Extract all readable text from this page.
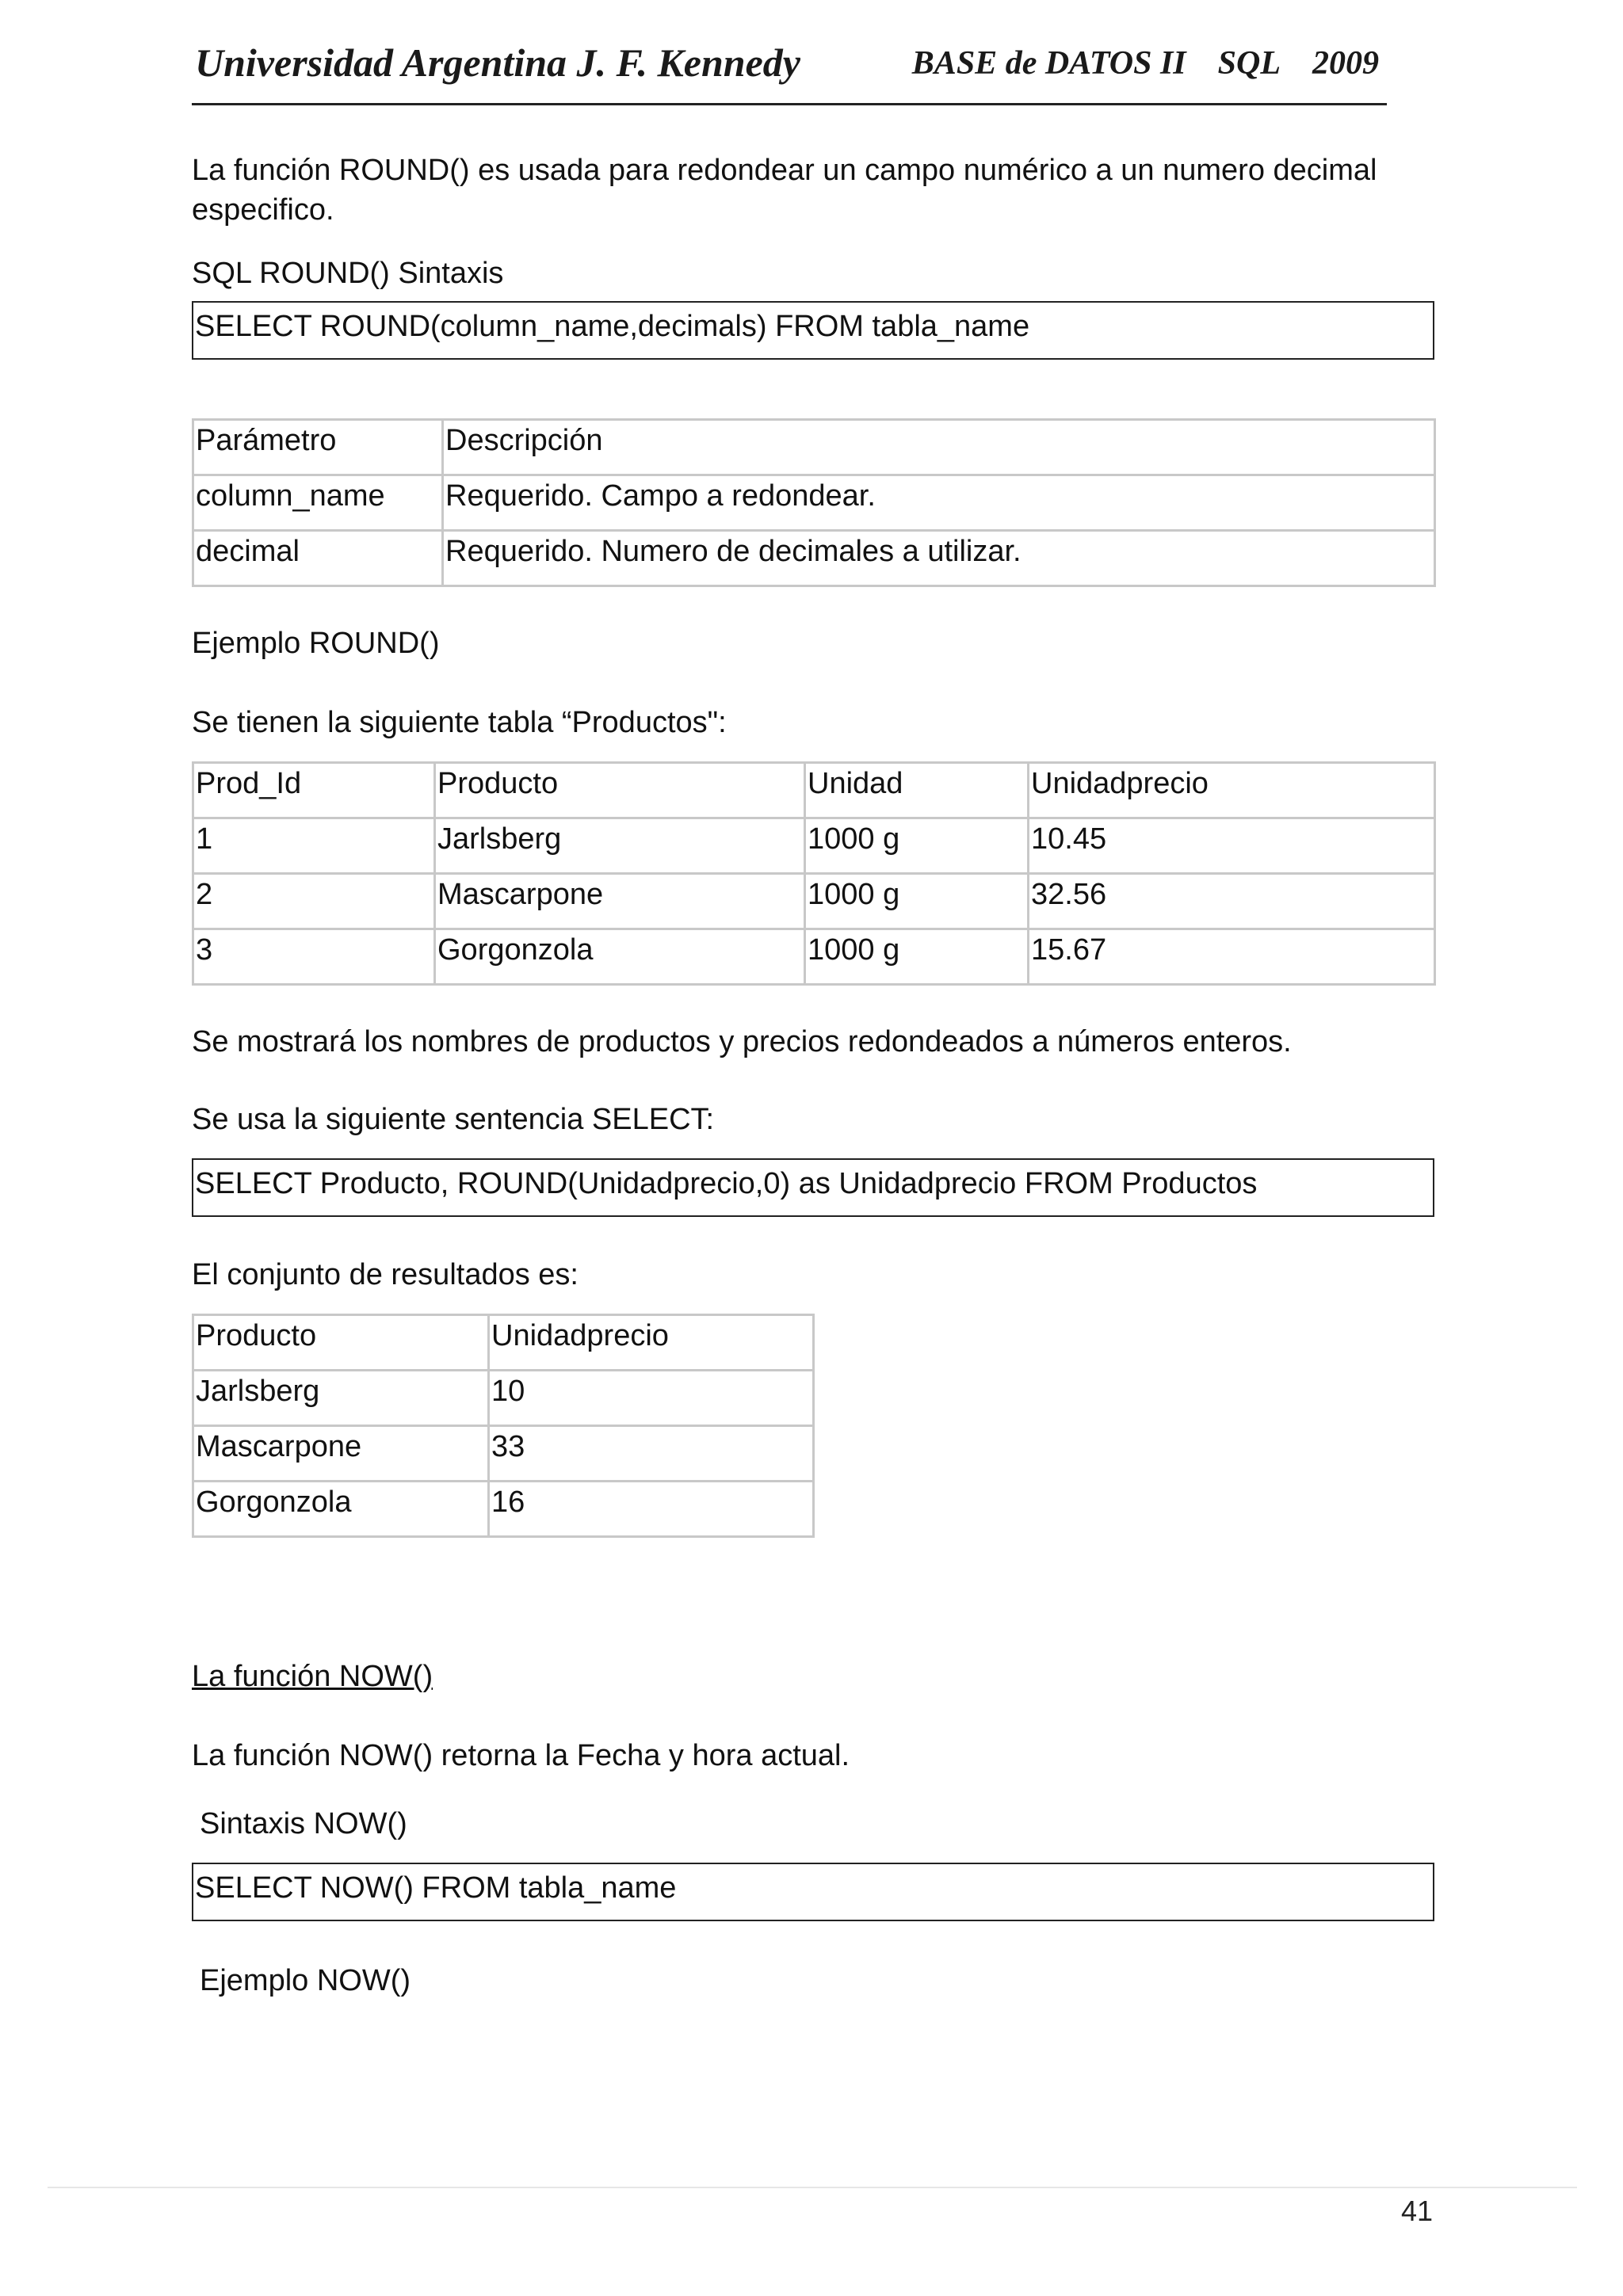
Universidad Argentina J. F. Kennedy	BASE de DATOS II SQL 2009

La función ROUND() es usada para redondear un campo numérico a un numero decimal especifico.

SQL ROUND() Sintaxis

SELECT ROUND(column_name,decimals) FROM tabla_name
Parámetro	Descripción
column_name	Requerido. Campo a redondear.
decimal	Requerido. Numero de decimales a utilizar.

Ejemplo ROUND()

Se tienen la siguiente tabla “Productos":

Prod_Id	Producto	Unidad	Unidadprecio
1	Jarlsberg	1000 g	10.45
2	Mascarpone	1000 g	32.56
3	Gorgonzola	1000 g	15.67

Se mostrará los nombres de productos y precios redondeados a números enteros.

Se usa la siguiente sentencia SELECT:

SELECT Producto, ROUND(Unidadprecio,0) as Unidadprecio FROM Productos

El conjunto de resultados es:

Producto	Unidadprecio
Jarlsberg	10
Mascarpone	33
Gorgonzola	16

La función NOW()

La función NOW() retorna la Fecha y hora actual.

Sintaxis NOW()

SELECT NOW() FROM tabla_name

Ejemplo NOW()

41
